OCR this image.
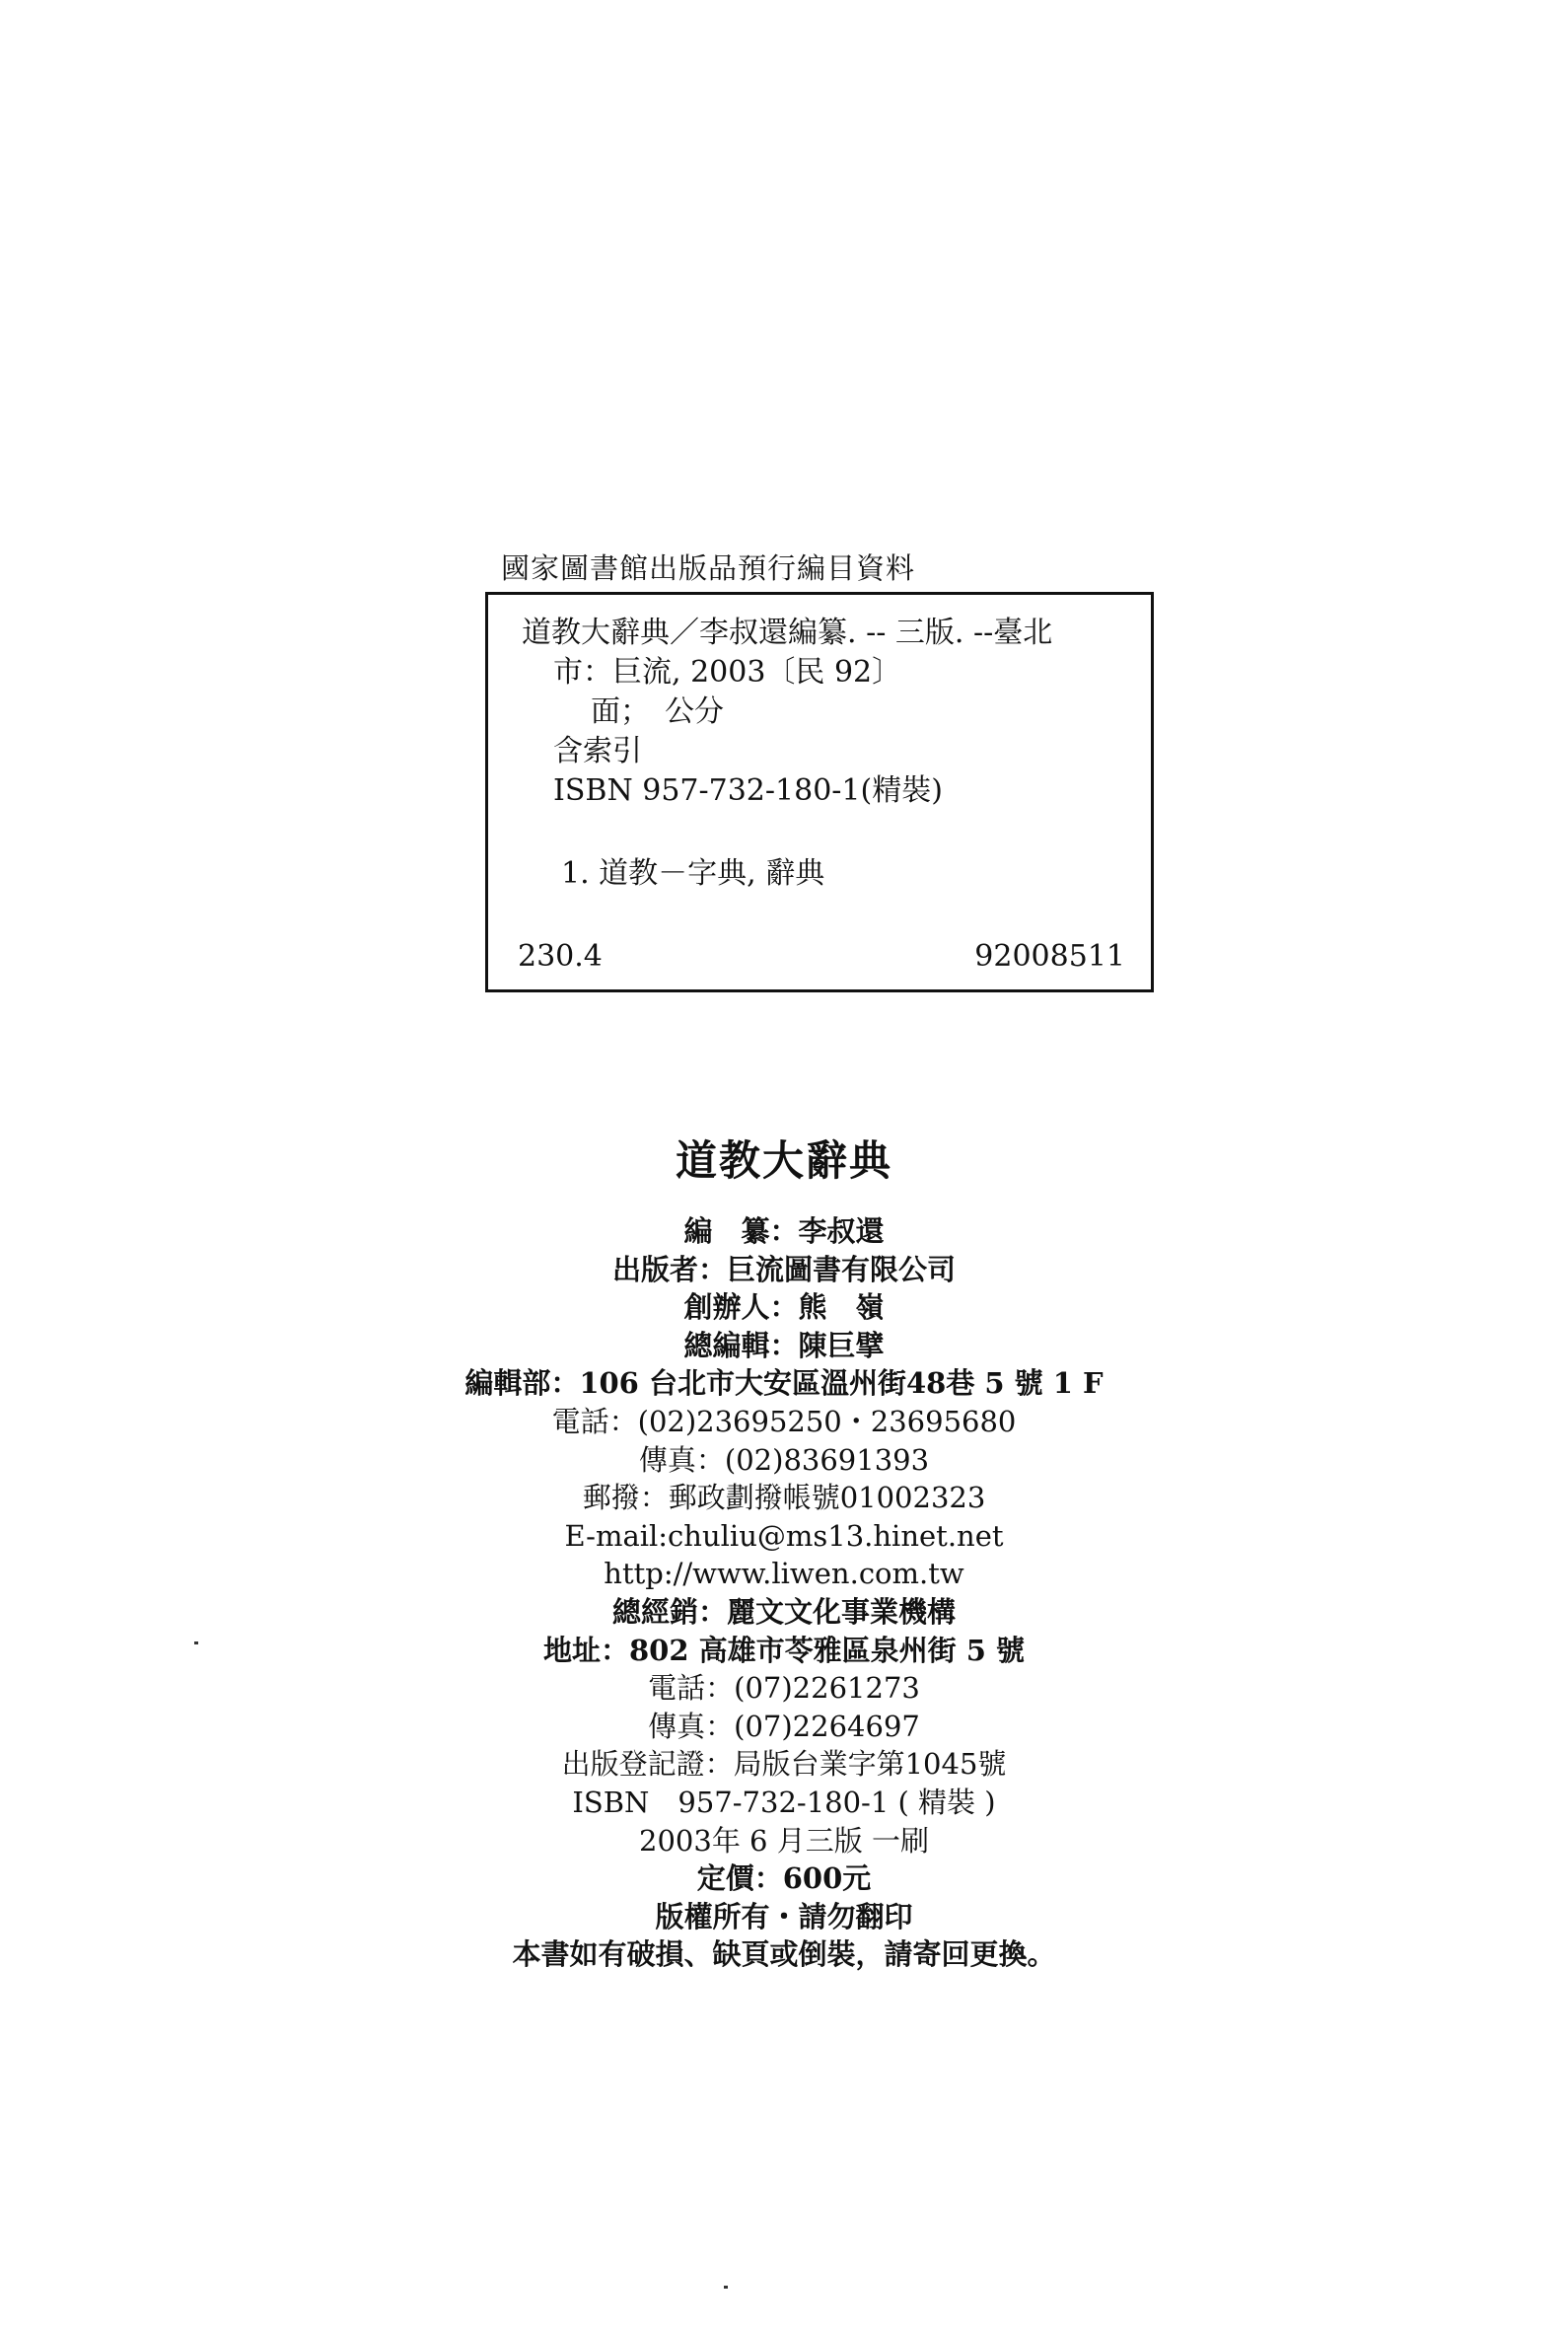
國家圖書館出版品預行編目資料
道教大辭典／李叔還編纂. -- 三版. --臺北
市：巨流, 2003〔民 92〕
面；　公分
含索引
ISBN 957-732-180-1(精裝)
1. 道教－字典, 辭典
230.4	92008511
道教大辭典
編　纂：李叔還
出版者：巨流圖書有限公司
創辦人：熊　嶺
總編輯：陳巨擘
編輯部：106 台北市大安區溫州街48巷 5 號 1 F
電話：(02)23695250・23695680
傳真：(02)83691393
郵撥：郵政劃撥帳號01002323
E-mail:chuliu@ms13.hinet.net
http://www.liwen.com.tw
總經銷：麗文文化事業機構
地址：802 高雄市苓雅區泉州街 5 號
電話：(07)2261273
傳真：(07)2264697
出版登記證：局版台業字第1045號
ISBN　957-732-180-1 ( 精裝 )
2003年 6 月三版 一刷
定價：600元
版權所有・請勿翻印
本書如有破損、缺頁或倒裝，請寄回更換。
